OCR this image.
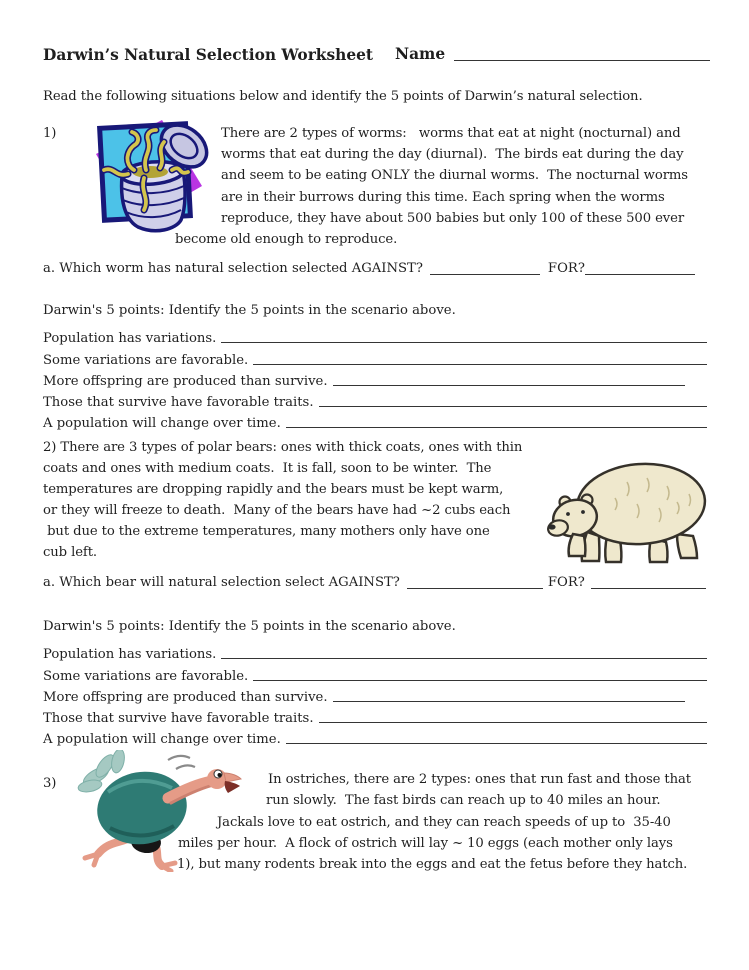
Darwin’s Natural Selection Worksheet Name
Read the following situations below and identify the 5 points of Darwin’s natural selection.
1)	There are 2 types of worms:   worms that eat at night (nocturnal) and
worms that eat during the day (diurnal).  The birds eat during the day
and seem to be eating ONLY the diurnal worms.  The nocturnal worms
are in their burrows during this time. Each spring when the worms
reproduce, they have about 500 babies but only 100 of these 500 ever
become old enough to reproduce.
a. Which worm has natural selection selected AGAINST?	FOR?
Darwin's 5 points: Identify the 5 points in the scenario above.
Population has variations.
Some variations are favorable.
More offspring are produced than survive.
Those that survive have favorable traits.
A population will change over time.
2) There are 3 types of polar bears: ones with thick coats, ones with thin
coats and ones with medium coats.  It is fall, soon to be winter.  The
temperatures are dropping rapidly and the bears must be kept warm,
or they will freeze to death.  Many of the bears have had ~2 cubs each
but due to the extreme temperatures, many mothers only have one
cub left.
a. Which bear will natural selection select AGAINST?	FOR?
Darwin's 5 points: Identify the 5 points in the scenario above.
Population has variations.
Some variations are favorable.
More offspring are produced than survive.
Those that survive have favorable traits.
A population will change over time.
3)	In ostriches, there are 2 types: ones that run fast and those that
run slowly.  The fast birds can reach up to 40 miles an hour.
Jackals love to eat ostrich, and they can reach speeds of up to  35-40
miles per hour.  A flock of ostrich will lay ~ 10 eggs (each mother only lays
1), but many rodents break into the eggs and eat the fetus before they hatch.
